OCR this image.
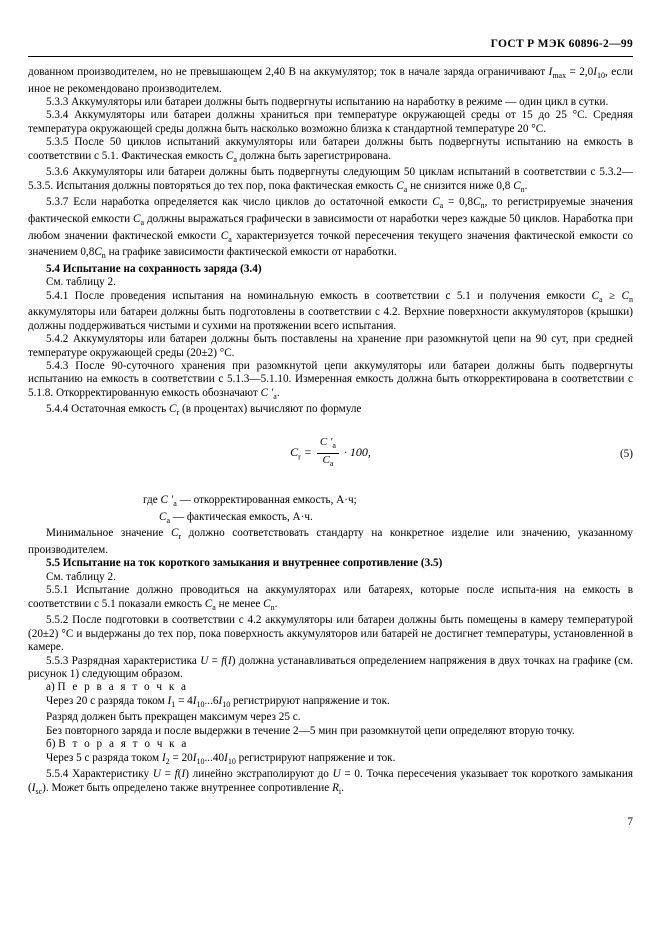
ГОСТ Р МЭК 60896-2—99

дованном производителем, но не превышающем 2,40 В на аккумулятор; ток в начале заряда ограничивают $I_{max} = 2,0I_{10}$, если иное не рекомендовано производителем.

5.3.3 Аккумуляторы или батареи должны быть подвергнуты испытанию на наработку в режиме — один цикл в сутки.

5.3.4 Аккумуляторы или батареи должны храниться при температуре окружающей среды от 15 до 25 °С. Средняя температура окружающей среды должна быть насколько возможно близка к стандартной температуре 20 °С.

5.3.5 После 50 циклов испытаний аккумуляторы или батареи должны быть подвергнуты испытанию на емкость в соответствии с 5.1. Фактическая емкость $C_a$ должна быть зарегистрирована.

5.3.6 Аккумуляторы или батареи должны быть подвергнуты следующим 50 циклам испытаний в соответствии с 5.3.2—5.3.5. Испытания должны повторяться до тех пор, пока фактическая емкость $C_a$ не снизится ниже 0,8 $C_n$.

5.3.7 Если наработка определяется как число циклов до остаточной емкости $C_a = 0,8C_n$, то регистрируемые значения фактической емкости $C_a$ должны выражаться графически в зависимости от наработки через каждые 50 циклов. Наработка при любом значении фактической емкости $C_a$ характеризуется точкой пересечения текущего значения фактической емкости со значением $0,8C_n$ на графике зависимости фактической емкости от наработки.

5.4 Испытание на сохранность заряда (3.4)

См. таблицу 2.

5.4.1 После проведения испытания на номинальную емкость в соответствии с 5.1 и получения емкости $C_a \ge C_n$ аккумуляторы или батареи должны быть подготовлены в соответствии с 4.2. Верхние поверхности аккумуляторов (крышки) должны поддерживаться чистыми и сухими на протяжении всего испытания.

5.4.2 Аккумуляторы или батареи должны быть поставлены на хранение при разомкнутой цепи на 90 сут, при средней температуре окружающей среды (20±2) °С.

5.4.3 После 90-суточного хранения при разомкнутой цепи аккумуляторы или батареи должны быть подвергнуты испытанию на емкость в соответствии с 5.1.3—5.1.10. Измеренная емкость должна быть откорректирована в соответствии с 5.1.8. Откорректированную емкость обозначают C $'_a$.

5.4.4 Остаточная емкость $C_r$ (в процентах) вычисляют по формуле

$C_r = \frac{C '_a}{C_a} \cdot 100$,	(5)

где C $'_a$ — откорректированная емкость, А·ч;

$C_a$ — фактическая емкость, А·ч.

Минимальное значение $C_r$ должно соответствовать стандарту на конкретное изделие или значению, указанному производителем.

5.5 Испытание на ток короткого замыкания и внутреннее сопротивление (3.5)

См. таблицу 2.

5.5.1 Испытание должно проводиться на аккумуляторах или батареях, которые после испыта-ния на емкость в соответствии с 5.1 показали емкость $C_a$ не менее $C_n$.

5.5.2 После подготовки в соответствии с 4.2 аккумуляторы или батареи должны быть помещены в камеру температурой (20±2) °С и выдержаны до тех пор, пока поверхность аккумуляторов или батарей не достигнет температуры, установленной в камере.

5.5.3 Разрядная характеристика U = f(I) должна устанавливаться определением напряжения в двух точках на графике (см. рисунок 1) следующим образом.

а) П е р в а я т о ч к а

Через 20 с разряда током $I_1 = 4I_{10}...6I_{10}$ регистрируют напряжение и ток.

Разряд должен быть прекращен максимум через 25 с.

Без повторного заряда и после выдержки в течение 2—5 мин при разомкнутой цепи определяют вторую точку.

б) В т о р а я т о ч к а

Через 5 с разряда током $I_2 = 20I_{10}...40I_{10}$ регистрируют напряжение и ток.

5.5.4 Характеристику U = f(I) линейно экстраполируют до U = 0. Точка пересечения указывает ток короткого замыкания $(I_{sc})$. Может быть определено также внутреннее сопротивление $R_i$.

7
